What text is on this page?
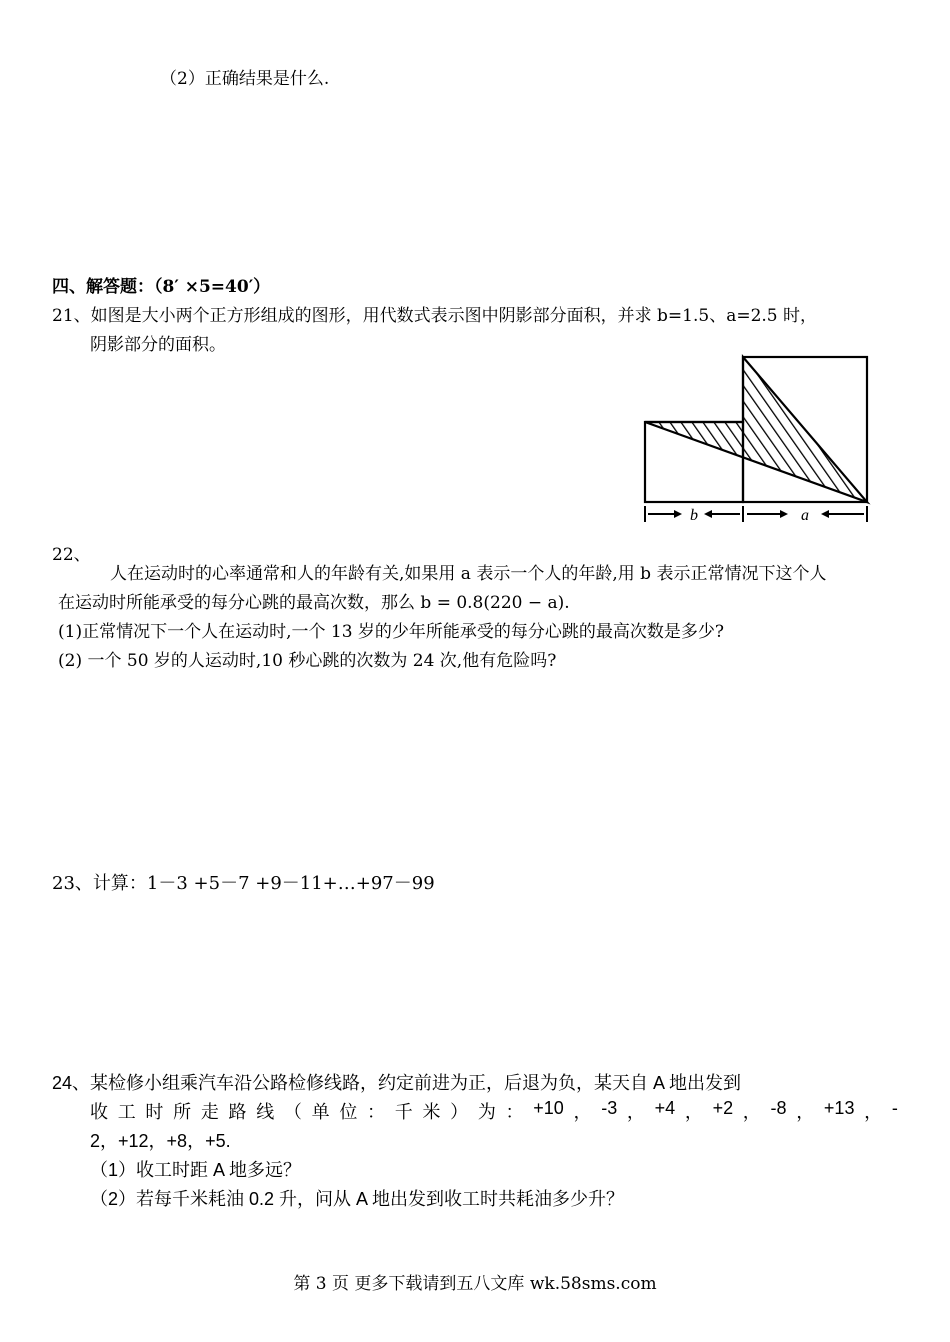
（2）正确结果是什么.

四、解答题：（8′ ×5=40′）

21、如图是大小两个正方形组成的图形，用代数式表示图中阴影部分面积，并求 b=1.5、a=2.5 时，

阴影部分的面积。

b	a

22、

人在运动时的心率通常和人的年龄有关,如果用 a 表示一个人的年龄,用 b 表示正常情况下这个人

在运动时所能承受的每分心跳的最高次数，那么 b = 0.8(220 − a).

(1)正常情况下一个人在运动时,一个 13 岁的少年所能承受的每分心跳的最高次数是多少?

(2) 一个 50 岁的人运动时,10 秒心跳的次数为 24 次,他有危险吗?

23、计算：1－3 +5－7 +9－11+…+97－99

24、某检修小组乘汽车沿公路检修线路，约定前进为正，后退为负，某天自 A 地出发到

收 工 时 所 走 路 线 （ 单 位 ： 千 米 ） 为 ： +10 ， -3 ， +4 ， +2 ， -8 ， +13 ， -

2，+12，+8，+5.

（1）收工时距 A 地多远？

（2）若每千米耗油 0.2 升，问从 A 地出发到收工时共耗油多少升？

第 3 页 更多下载请到五八文库 wk.58sms.com
